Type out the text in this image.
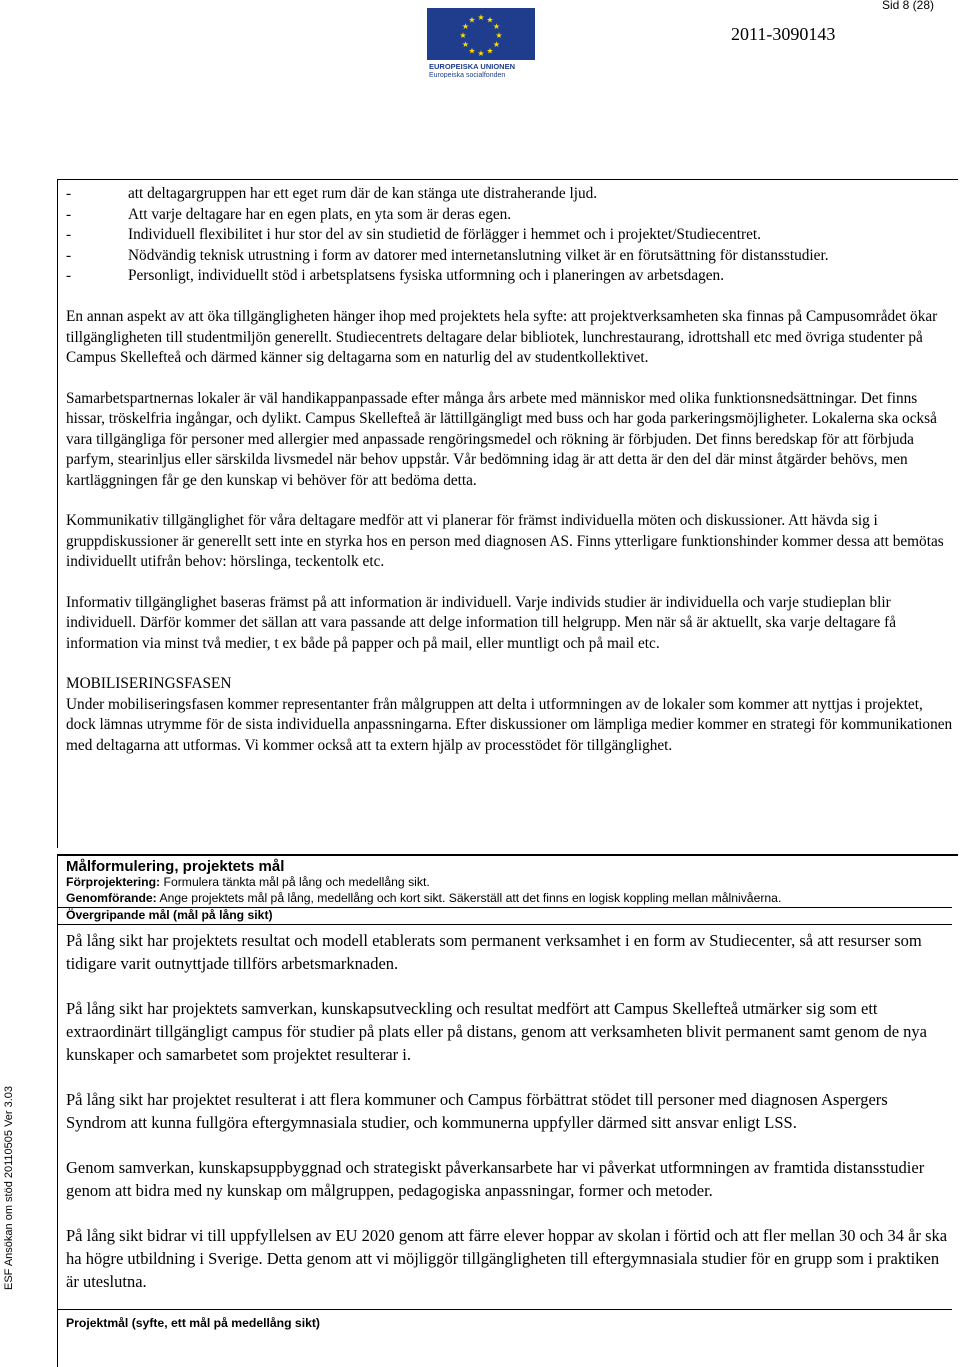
Sid 8 (28)
2011-3090143
★ ★
★
★
★
★
★
★
★
★
★
★
EUROPEISKA UNIONEN
Europeiska socialfonden
ESF Ansökan om stöd 20110505 Ver 3.03
-	att deltagargruppen har ett eget rum där de kan stänga ute distraherande ljud.
-	Att varje deltagare har en egen plats, en yta som är deras egen.
-	Individuell flexibilitet i hur stor del av sin studietid de förlägger i hemmet och i projektet/Studiecentret.
-	Nödvändig teknisk utrustning i form av datorer med internetanslutning vilket är en förutsättning för distansstudier.
-	Personligt, individuellt stöd i arbetsplatsens fysiska utformning och i planeringen av arbetsdagen.

En annan aspekt av att öka tillgängligheten hänger ihop med projektets hela syfte: att projektverksamheten ska finnas på Campusområdet ökar tillgängligheten till studentmiljön generellt. Studiecentrets deltagare delar bibliotek, lunchrestaurang, idrottshall etc med övriga studenter på Campus Skellefteå och därmed känner sig deltagarna som en naturlig del av studentkollektivet.

Samarbetspartnernas lokaler är väl handikappanpassade efter många års arbete med människor med olika funktionsnedsättningar. Det finns hissar, tröskelfria ingångar, och dylikt. Campus Skellefteå är lättillgängligt med buss och har goda parkeringsmöjligheter. Lokalerna ska också vara tillgängliga för personer med allergier med anpassade rengöringsmedel och rökning är förbjuden. Det finns beredskap för att förbjuda parfym, stearinljus eller särskilda livsmedel när behov uppstår. Vår bedömning idag är att detta är den del där minst åtgärder behövs, men kartläggningen får ge den kunskap vi behöver för att bedöma detta.

Kommunikativ tillgänglighet för våra deltagare medför att vi planerar för främst individuella möten och diskussioner. Att hävda sig i gruppdiskussioner är generellt sett inte en styrka hos en person med diagnosen AS. Finns ytterligare funktionshinder kommer dessa att bemötas individuellt utifrån behov: hörslinga, teckentolk etc.

Informativ tillgänglighet baseras främst på att information är individuell. Varje individs studier är individuella och varje studieplan blir individuell. Därför kommer det sällan att vara passande att delge information till helgrupp. Men när så är aktuellt, ska varje deltagare få information via minst två medier, t ex både på papper och på mail, eller muntligt och på mail etc.

MOBILISERINGSFASEN

Under mobiliseringsfasen kommer representanter från målgruppen att delta i utformningen av de lokaler som kommer att nyttjas i projektet, dock lämnas utrymme för de sista individuella anpassningarna. Efter diskussioner om lämpliga medier kommer en strategi för kommunikationen med deltagarna att utformas. Vi kommer också att ta extern hjälp av processtödet för tillgänglighet.

Målformulering, projektets mål
Förprojektering: Formulera tänkta mål på lång och medellång sikt.
Genomförande: Ange projektets mål på lång, medellång och kort sikt. Säkerställ att det finns en logisk koppling mellan målnivåerna.
Övergripande mål (mål på lång sikt)

På lång sikt har projektets resultat och modell etablerats som permanent verksamhet i en form av Studiecenter, så att resurser som tidigare varit outnyttjade tillförs arbetsmarknaden.

På lång sikt har projektets samverkan, kunskapsutveckling och resultat medfört att Campus Skellefteå utmärker sig som ett extraordinärt tillgängligt campus för studier på plats eller på distans, genom att verksamheten blivit permanent samt genom de nya kunskaper och samarbetet som projektet resulterar i.

På lång sikt har projektet resulterat i att flera kommuner och Campus förbättrat stödet till personer med diagnosen Aspergers Syndrom att kunna fullgöra eftergymnasiala studier, och kommunerna uppfyller därmed sitt ansvar enligt LSS.

Genom samverkan, kunskapsuppbyggnad och strategiskt påverkansarbete har vi påverkat utformningen av framtida distansstudier genom att bidra med ny kunskap om målgruppen, pedagogiska anpassningar, former och metoder.

På lång sikt bidrar vi till uppfyllelsen av EU 2020 genom att färre elever hoppar av skolan i förtid och att fler mellan 30 och 34 år ska ha högre utbildning i Sverige. Detta genom att vi möjliggör tillgängligheten till eftergymnasiala studier för en grupp som i praktiken är uteslutna.

Projektmål (syfte, ett mål på medellång sikt)
